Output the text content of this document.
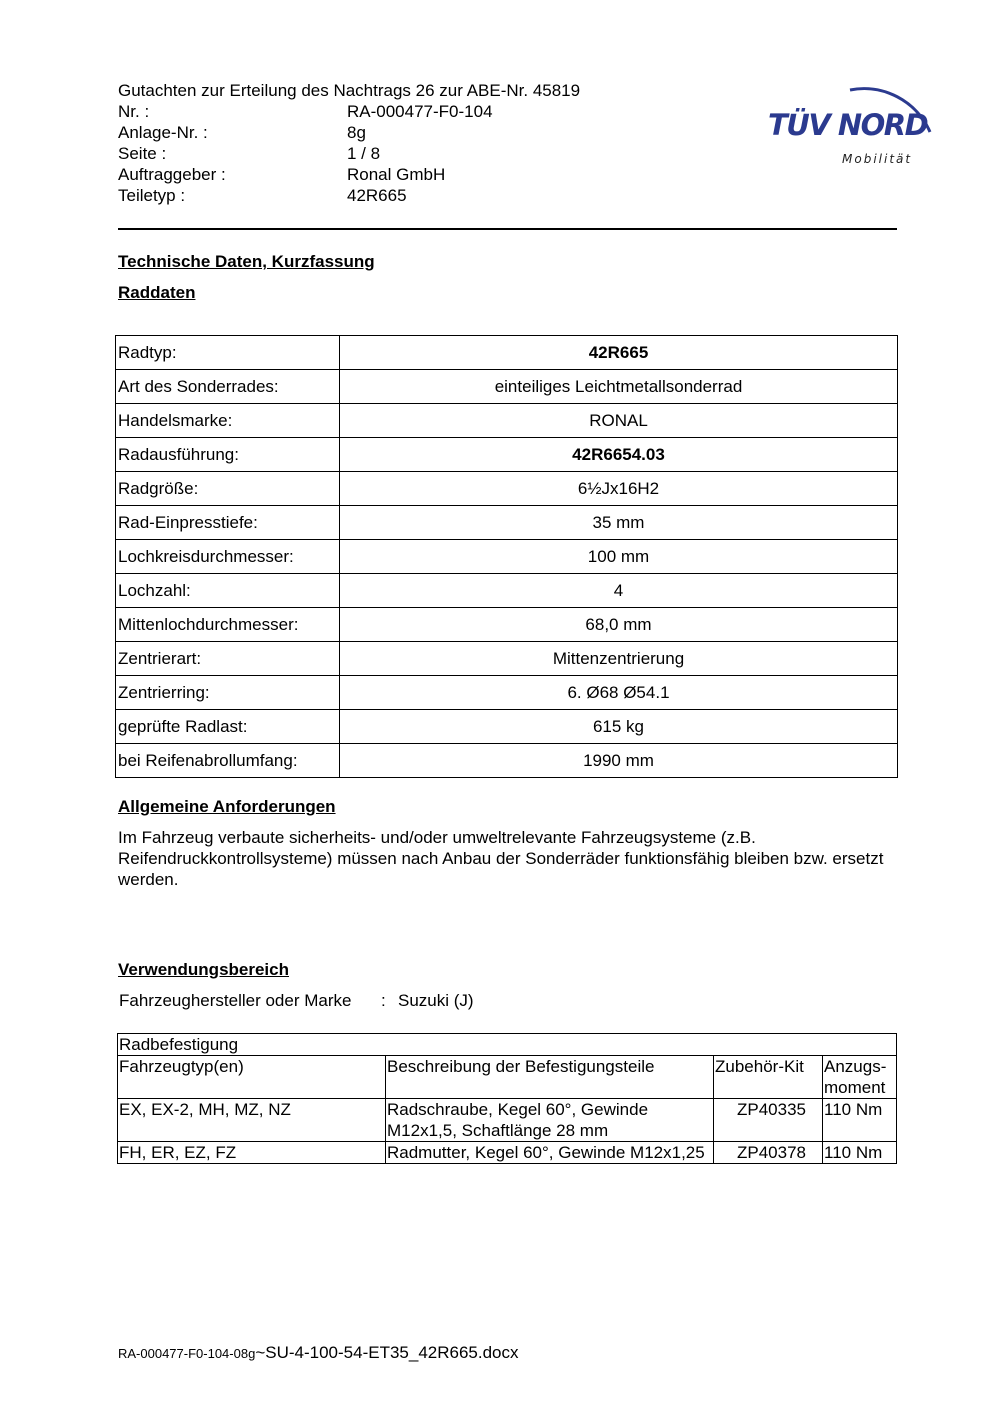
Gutachten zur Erteilung des Nachtrags 26 zur ABE-Nr. 45819
Nr. :	RA-000477-F0-104
Anlage-Nr. :	8g
Seite :	1 / 8
Auftraggeber :	Ronal GmbH
Teiletyp :	42R665
TÜV NORD
Mobilität
Technische Daten, Kurzfassung
Raddaten
Radtyp:	42R665
Art des Sonderrades:	einteiliges Leichtmetallsonderrad
Handelsmarke:	RONAL
Radausführung:	42R6654.03
Radgröße:	6½Jx16H2
Rad-Einpresstiefe:	35 mm
Lochkreisdurchmesser:	100 mm
Lochzahl:	4
Mittenlochdurchmesser:	68,0 mm
Zentrierart:	Mittenzentrierung
Zentrierring:	6. Ø68 Ø54.1
geprüfte Radlast:	615 kg
bei Reifenabrollumfang:	1990 mm
Allgemeine Anforderungen
Im Fahrzeug verbaute sicherheits- und/oder umweltrelevante Fahrzeugsysteme (z.B. Reifendruckkontrollsysteme) müssen nach Anbau der Sonderräder funktionsfähig bleiben bzw. ersetzt werden.
Verwendungsbereich
Fahrzeughersteller oder Marke : Suzuki (J)
Radbefestigung			
Fahrzeugtyp(en)	Beschreibung der Befestigungsteile	Zubehör-Kit	Anzugs-
moment
EX, EX-2, MH, MZ, NZ	Radschraube, Kegel 60°, Gewinde M12x1,5, Schaftlänge 28 mm	ZP40335	110 Nm
FH, ER, EZ, FZ	Radmutter, Kegel 60°, Gewinde M12x1,25	ZP40378	110 Nm
RA-000477-F0-104-08g~SU-4-100-54-ET35_42R665.docx
